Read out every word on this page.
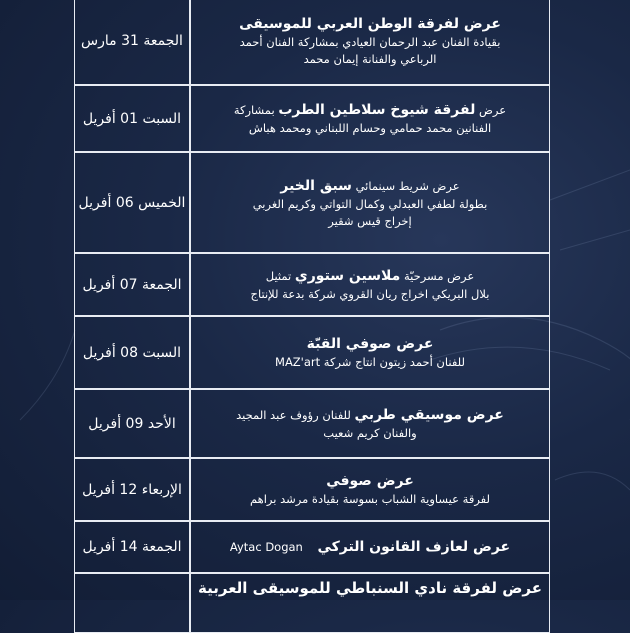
عرض لفرقة الوطن العربي للموسيقى
بقيادة الفنان عبد الرحمان العيادي بمشاركة الفنان أحمد
الرباعي والفنانة إيمان محمد	الجمعة 31 مارس

عرض لفرقة شيوخ سلاطين الطرب بمشاركة
الفنانين محمد حمامي وحسام اللبناني ومحمد هباش	السبت 01 أفريل

عرض شريط سينمائي سبق الخير
بطولة لطفي العبدلي وكمال التواتي وكريم الغربي
إخراج قيس شقير	الخميس 06 أفريل

عرض مسرحيّة ملاسين ستوري تمثيل
بلال البريكي اخراج ريان القروي شركة بدعة للإنتاج	الجمعة 07 أفريل

عرض صوفي القبّة
للفنان أحمد زيتون انتاج شركة MAZ'art	السبت 08 أفريل

عرض موسيقي طربي للفنان رؤوف عبد المجيد
والفنان كريم شعيب	الأحد 09 أفريل

عرض صوفي
لفرقة عيساوية الشباب بسوسة بقيادة مرشد براهم	الإربعاء 12 أفريل

عرض لعازف القانون التركي    Aytac Dogan	الجمعة 14 أفريل

عرض لفرقة نادي السنباطي للموسيقى العربية	
